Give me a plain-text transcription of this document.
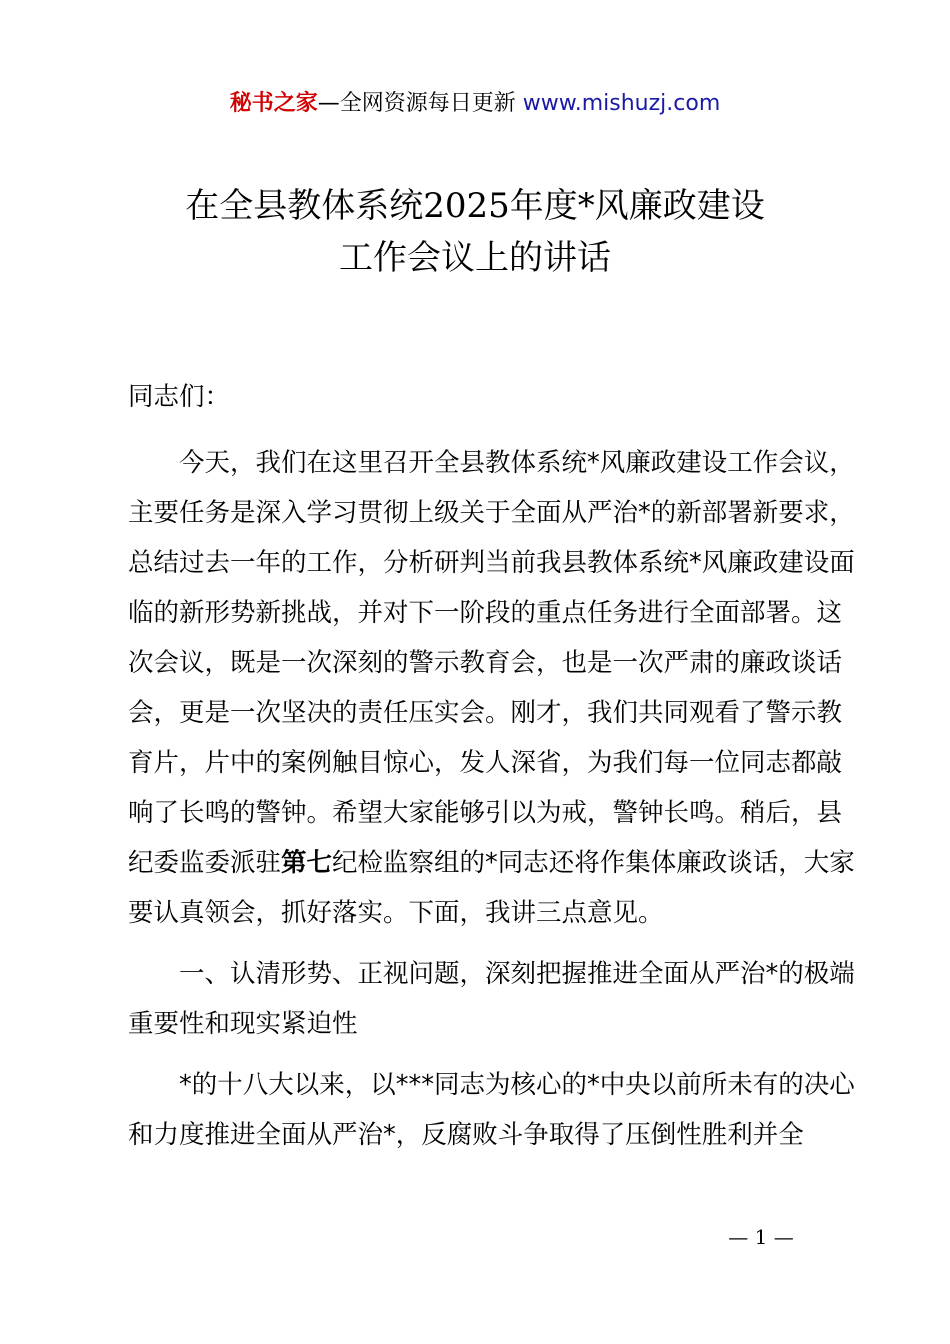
秘书之家—全网资源每日更新 www.mishuzj.com
在全县教体系统2025年度*风廉政建设
工作会议上的讲话

同志们：

今天，我们在这里召开全县教体系统*风廉政建设工作会议，主要任务是深入学习贯彻上级关于全面从严治*的新部署新要求，总结过去一年的工作，分析研判当前我县教体系统*风廉政建设面临的新形势新挑战，并对下一阶段的重点任务进行全面部署。这次会议，既是一次深刻的警示教育会，也是一次严肃的廉政谈话会，更是一次坚决的责任压实会。刚才，我们共同观看了警示教育片，片中的案例触目惊心，发人深省，为我们每一位同志都敲响了长鸣的警钟。希望大家能够引以为戒，警钟长鸣。稍后，县纪委监委派驻第七纪检监察组的*同志还将作集体廉政谈话，大家要认真领会，抓好落实。下面，我讲三点意见。

一、认清形势、正视问题，深刻把握推进全面从严治*的极端重要性和现实紧迫性

*的十八大以来，以***同志为核心的*中央以前所未有的决心和力度推进全面从严治*，反腐败斗争取得了压倒性胜利并全

— 1 —
